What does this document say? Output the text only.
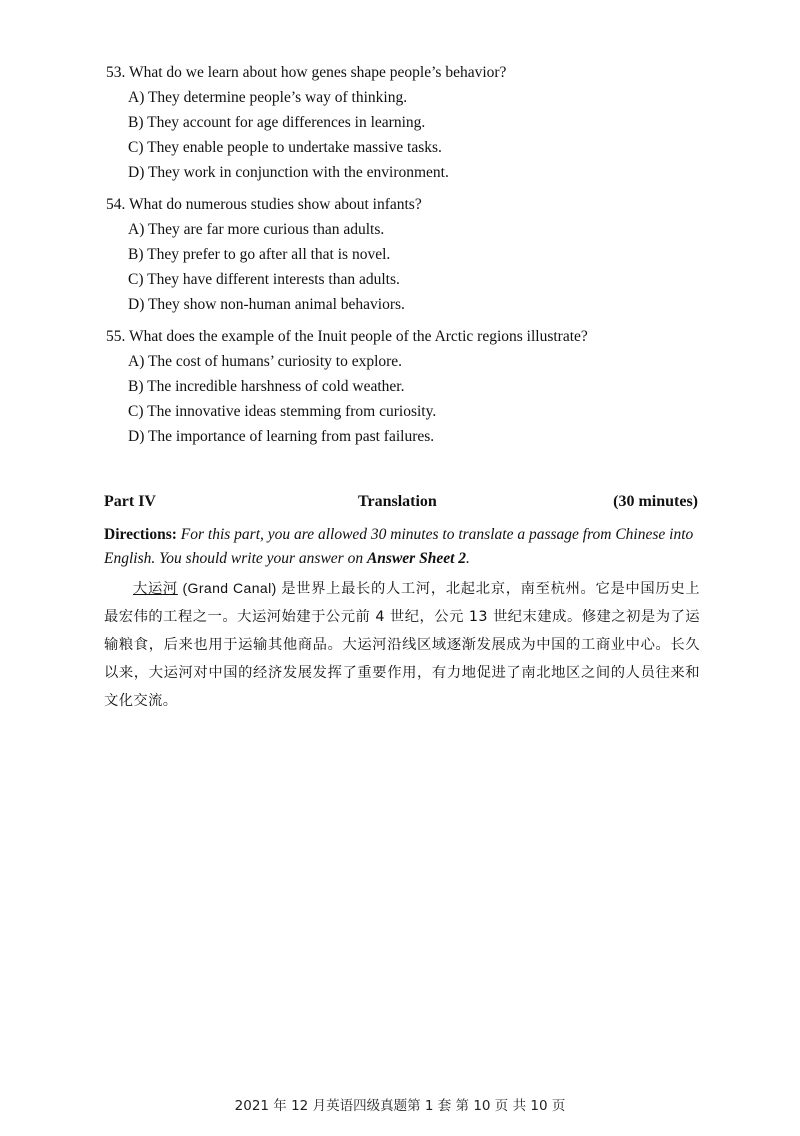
53. What do we learn about how genes shape people’s behavior?

A) They determine people’s way of thinking.

B) They account for age differences in learning.

C) They enable people to undertake massive tasks.

D) They work in conjunction with the environment.

54. What do numerous studies show about infants?

A) They are far more curious than adults.

B) They prefer to go after all that is novel.

C) They have different interests than adults.

D) They show non-human animal behaviors.

55. What does the example of the Inuit people of the Arctic regions illustrate?

A) The cost of humans’ curiosity to explore.

B) The incredible harshness of cold weather.

C) The innovative ideas stemming from curiosity.

D) The importance of learning from past failures.

Part IV	Translation	(30 minutes)
Directions: For this part, you are allowed 30 minutes to translate a passage from Chinese into English. You should write your answer on Answer Sheet 2.
大运河 (Grand Canal) 是世界上最长的人工河，北起北京，南至杭州。它是中国历史上最宏伟的工程之一。大运河始建于公元前 4 世纪，公元 13 世纪末建成。修建之初是为了运输粮食，后来也用于运输其他商品。大运河沿线区域逐渐发展成为中国的工商业中心。长久以来，大运河对中国的经济发展发挥了重要作用，有力地促进了南北地区之间的人员往来和文化交流。
2021 年 12 月英语四级真题第 1 套 第 10 页 共 10 页
